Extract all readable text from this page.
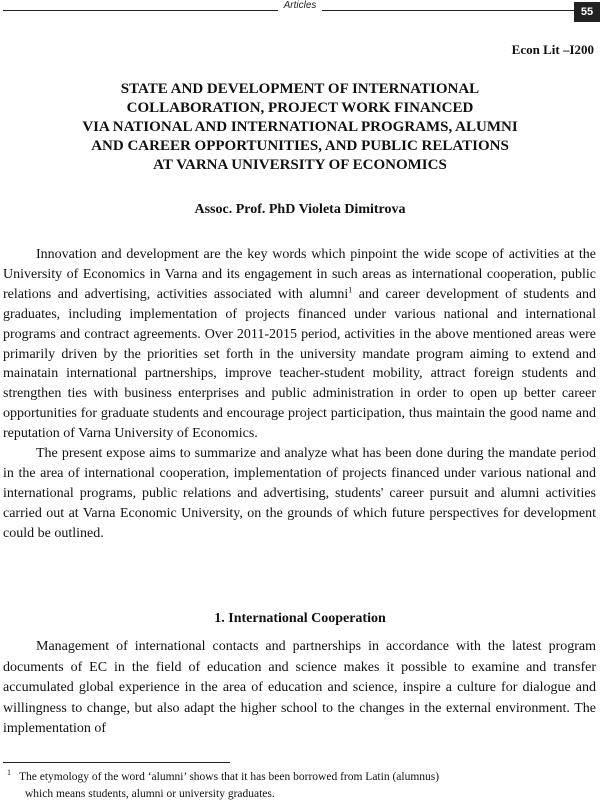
Articles
55
Econ Lit –I200
STATE AND DEVELOPMENT OF INTERNATIONAL
COLLABORATION, PROJECT WORK FINANCED
VIA NATIONAL AND INTERNATIONAL PROGRAMS, ALUMNI
AND CAREER OPPORTUNITIES, AND PUBLIC RELATIONS
AT VARNA UNIVERSITY OF ECONOMICS
Assoc. Prof. PhD Violeta Dimitrova

Innovation and development are the key words which pinpoint the wide scope of activities at the University of Economics in Varna and its engagement in such areas as international cooperation, public relations and advertising, activities associated with alumni$^1$ and career development of students and graduates, including implementation of projects financed under various national and international programs and contract agreements. Over 2011-2015 period, activities in the above mentioned areas were primarily driven by the priorities set forth in the university mandate program aiming to extend and mainatain international partnerships, improve teacher-student mobility, attract foreign students and strengthen ties with business enterprises and public administration in order to open up better career opportunities for graduate students and encourage project participation, thus maintain the good name and reputation of Varna University of Economics.

The present expose aims to summarize and analyze what has been done during the mandate period in the area of international cooperation, implementation of projects financed under various national and international programs, public relations and advertising, students' career pursuit and alumni activities carried out at Varna Economic University, on the grounds of which future perspectives for development could be outlined.

1. International Cooperation

Management of international contacts and partnerships in accordance with the latest program documents of EC in the field of education and science makes it possible to examine and transfer accumulated global experience in the area of education and science, inspire a culture for dialogue and willingness to change, but also adapt the higher school to the changes in the external environment. The implementation of

$^1$ The etymology of the word ‘alumni’ shows that it has been borrowed from Latin (alumnus)
which means students, alumni or university graduates.
